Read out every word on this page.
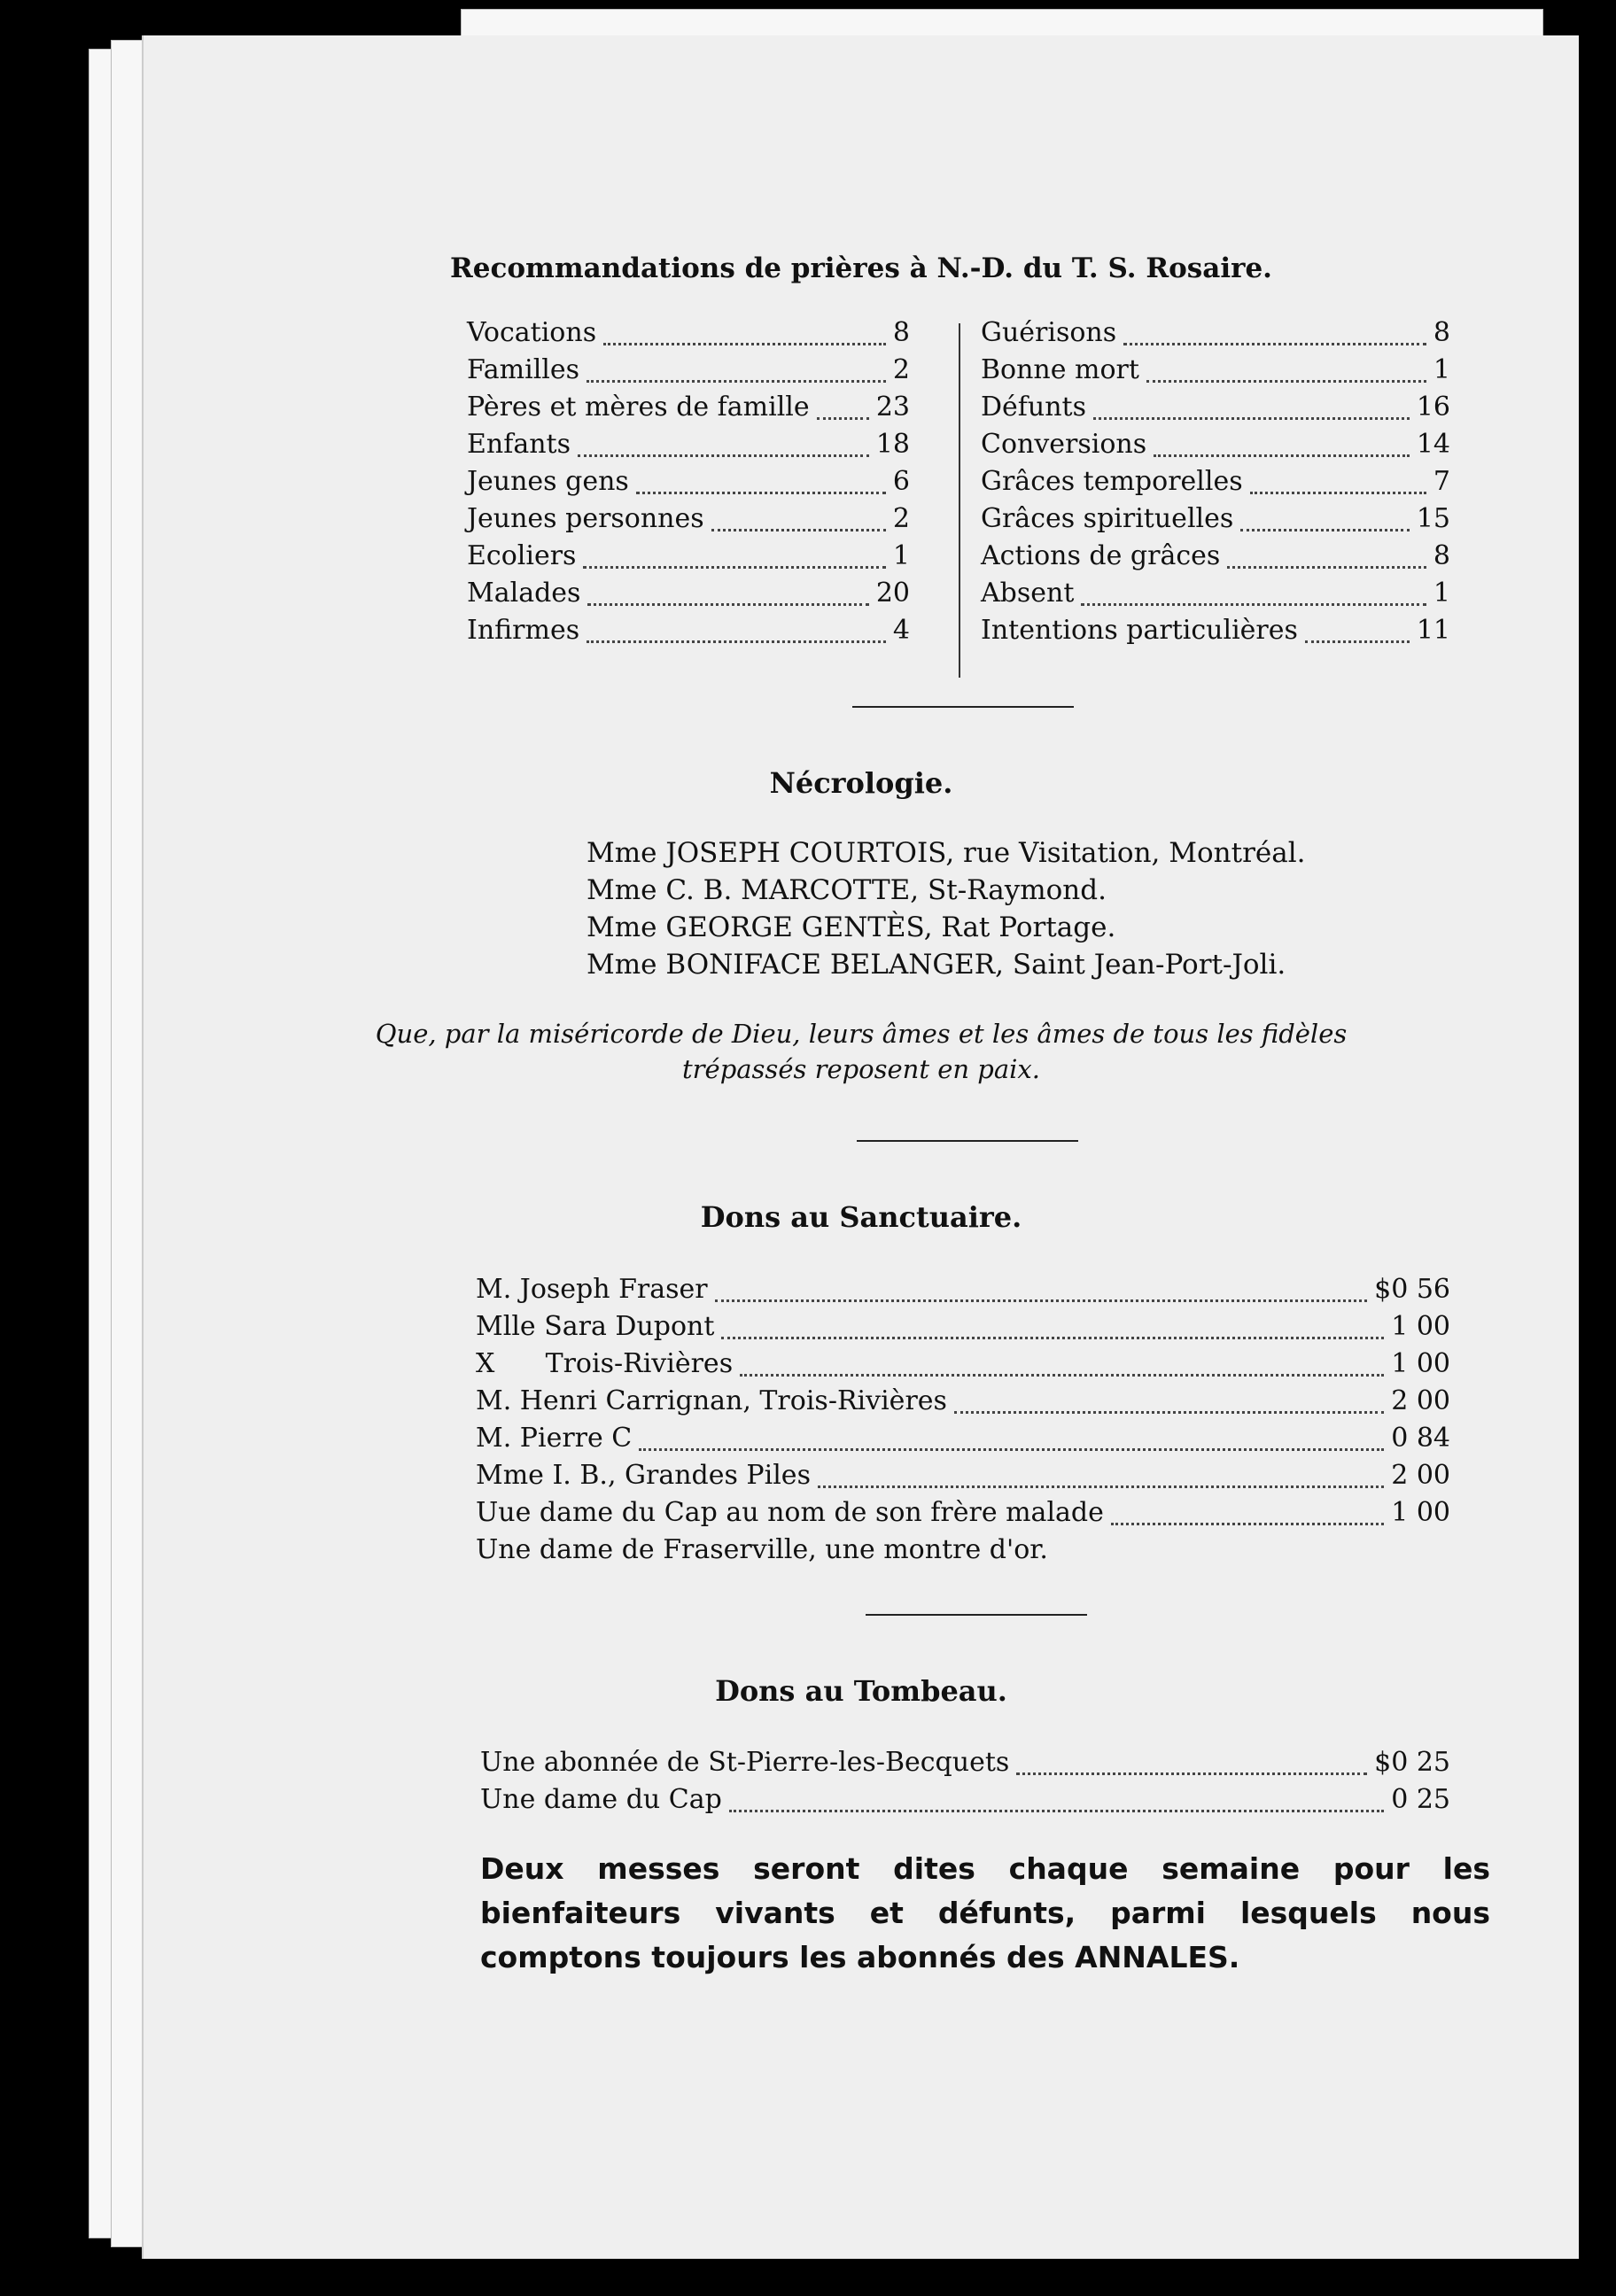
Recommandations de prières à N.-D. du T. S. Rosaire.
Vocations	8
Familles	2
Pères et mères de famille	23
Enfants	18
Jeunes gens	6
Jeunes personnes	2
Ecoliers	1
Malades	20
Infirmes	4
Guérisons	8
Bonne mort	1
Défunts	16
Conversions	14
Grâces temporelles	7
Grâces spirituelles	15
Actions de grâces	8
Absent	1
Intentions particulières	11
Nécrologie.
Mme JOSEPH COURTOIS, rue Visitation, Montréal.
Mme C. B. MARCOTTE, St-Raymond.
Mme GEORGE GENTÈS, Rat Portage.
Mme BONIFACE BELANGER, Saint Jean-Port-Joli.
Que, par la miséricorde de Dieu, leurs âmes et les âmes de tous les fidèles
trépassés reposent en paix.
Dons au Sanctuaire.
M. Joseph Fraser	$0 56
Mlle Sara Dupont	1 00
X      Trois-Rivières	1 00
M. Henri Carrignan, Trois-Rivières	2 00
M. Pierre C	0 84
Mme I. B., Grandes Piles	2 00
Uue dame du Cap au nom de son frère malade	1 00
Une dame de Fraserville, une montre d'or.
Dons au Tombeau.
Une abonnée de St-Pierre-les-Becquets	$0 25
Une dame du Cap	0 25
Deux messes seront dites chaque semaine pour les bienfaiteurs vivants et défunts, parmi lesquels nous comptons toujours les abonnés des ANNALES.
